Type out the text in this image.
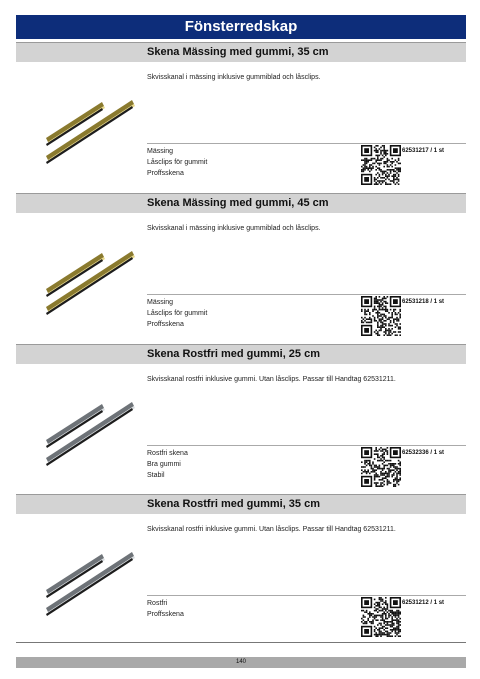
Fönsterredskap
Skena Mässing med gummi, 35 cm
Skvisskanal i mässing inklusive gummiblad och låsclips.
Mässing
Låsclips för gummit
Proffsskena
62531217 / 1 st
Skena Mässing med gummi, 45 cm
Skvisskanal i mässing inklusive gummiblad och låsclips.
Mässing
Låsclips för gummit
Proffsskena
62531218 / 1 st
Skena Rostfri med gummi, 25 cm
Skvisskanal rostfri inklusive gummi. Utan låsclips. Passar till Handtag 62531211.
Rostfri skena
Bra gummi
Stabil
62532336 / 1 st
Skena Rostfri med gummi, 35 cm
Skvisskanal rostfri inklusive gummi. Utan låsclips. Passar till Handtag 62531211.
Rostfri
Proffsskena
62531212 / 1 st
140
